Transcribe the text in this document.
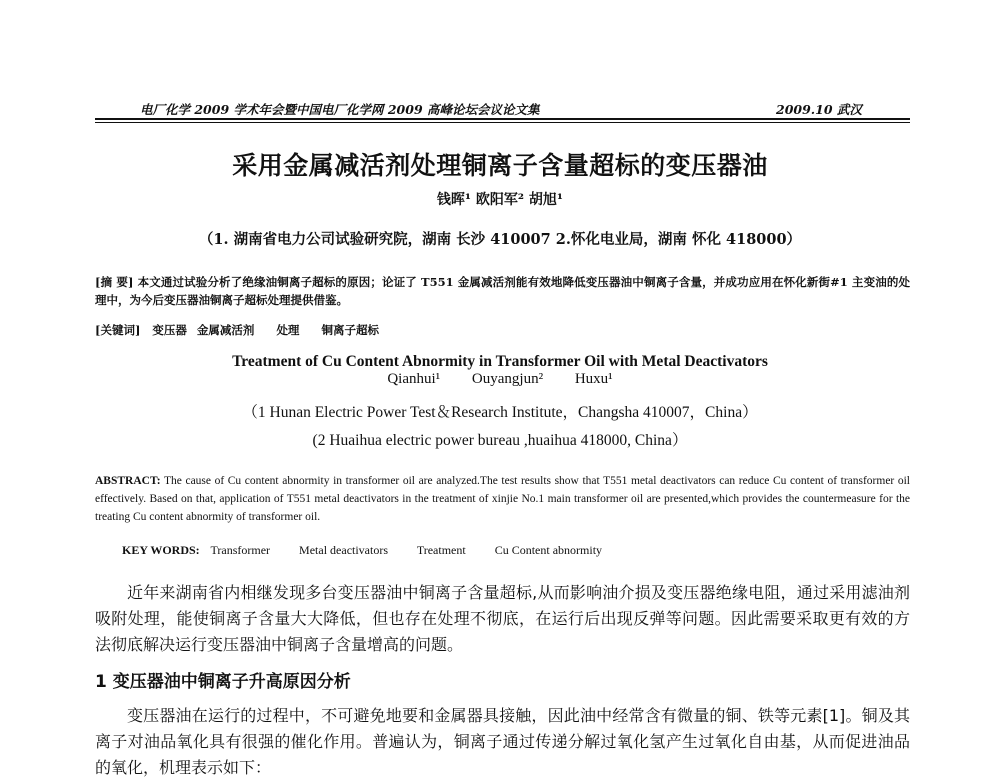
电厂化学 2009 学术年会暨中国电厂化学网 2009 高峰论坛会议论文集	2009.10 武汉
采用金属减活剂处理铜离子含量超标的变压器油
钱晖¹ 欧阳军² 胡旭¹
（1. 湖南省电力公司试验研究院，湖南 长沙 410007 2.怀化电业局，湖南 怀化 418000）
[摘 要] 本文通过试验分析了绝缘油铜离子超标的原因；论证了 T551 金属减活剂能有效地降低变压器油中铜离子含量，并成功应用在怀化新街#1 主变油的处理中，为今后变压器油铜离子超标处理提供借鉴。
[关键词] 变压器 金属减活剂 处理 铜离子超标
Treatment of Cu Content Abnormity in Transformer Oil with Metal Deactivators
Qianhui¹ Ouyangjun² Huxu¹
（1 Hunan Electric Power Test＆Research Institute，Changsha 410007，China）
(2 Huaihua electric power bureau ,huaihua 418000, China）
ABSTRACT: The cause of Cu content abnormity in transformer oil are analyzed.The test results show that T551 metal deactivators can reduce Cu content of transformer oil effectively. Based on that, application of T551 metal deactivators in the treatment of xinjie No.1 main transformer oil are presented,which provides the countermeasure for the treating Cu content abnormity of transformer oil.
KEY WORDS: Transformer Metal deactivators Treatment Cu Content abnormity
近年来湖南省内相继发现多台变压器油中铜离子含量超标,从而影响油介损及变压器绝缘电阻，通过采用滤油剂吸附处理，能使铜离子含量大大降低，但也存在处理不彻底，在运行后出现反弹等问题。因此需要采取更有效的方法彻底解决运行变压器油中铜离子含量增高的问题。
1 变压器油中铜离子升高原因分析
变压器油在运行的过程中，不可避免地要和金属器具接触，因此油中经常含有微量的铜、铁等元素[1]。铜及其离子对油品氧化具有很强的催化作用。普遍认为，铜离子通过传递分解过氧化氢产生过氧化自由基，从而促进油品的氧化，机理表示如下：
